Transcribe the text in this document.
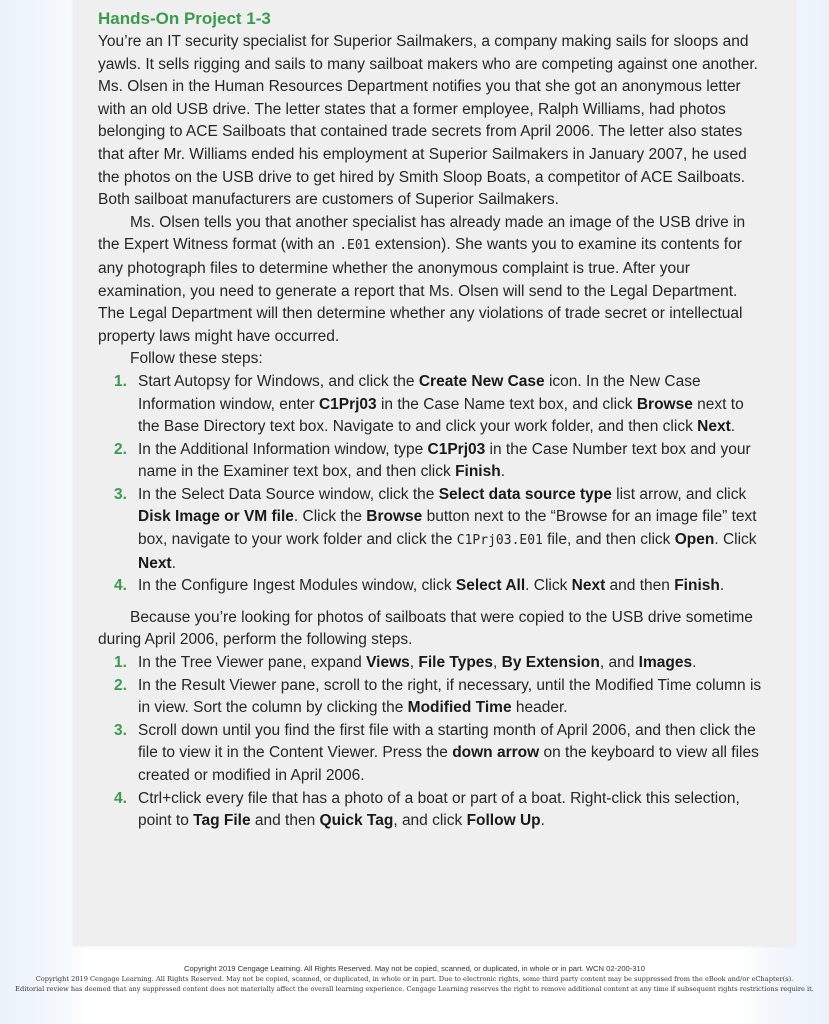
Hands-On Project 1-3

You’re an IT security specialist for Superior Sailmakers, a company making sails for sloops and yawls. It sells rigging and sails to many sailboat makers who are competing against one another. Ms. Olsen in the Human Resources Department notifies you that she got an anonymous letter with an old USB drive. The letter states that a former employee, Ralph Williams, had photos belonging to ACE Sailboats that contained trade secrets from April 2006. The letter also states that after Mr. Williams ended his employment at Superior Sailmakers in January 2007, he used the photos on the USB drive to get hired by Smith Sloop Boats, a competitor of ACE Sailboats. Both sailboat manufacturers are customers of Superior Sailmakers.

Ms. Olsen tells you that another specialist has already made an image of the USB drive in the Expert Witness format (with an .E01 extension). She wants you to examine its contents for any photograph files to determine whether the anonymous complaint is true. After your examination, you need to generate a report that Ms. Olsen will send to the Legal Department. The Legal Department will then determine whether any violations of trade secret or intellectual property laws might have occurred.

Follow these steps:

1. Start Autopsy for Windows, and click the Create New Case icon. In the New Case Information window, enter C1Prj03 in the Case Name text box, and click Browse next to the Base Directory text box. Navigate to and click your work folder, and then click Next.
2. In the Additional Information window, type C1Prj03 in the Case Number text box and your name in the Examiner text box, and then click Finish.
3. In the Select Data Source window, click the Select data source type list arrow, and click Disk Image or VM file. Click the Browse button next to the “Browse for an image file” text box, navigate to your work folder and click the C1Prj03.E01 file, and then click Open. Click Next.
4. In the Configure Ingest Modules window, click Select All. Click Next and then Finish.

Because you’re looking for photos of sailboats that were copied to the USB drive sometime during April 2006, perform the following steps.

1. In the Tree Viewer pane, expand Views, File Types, By Extension, and Images.
2. In the Result Viewer pane, scroll to the right, if necessary, until the Modified Time column is in view. Sort the column by clicking the Modified Time header.
3. Scroll down until you find the first file with a starting month of April 2006, and then click the file to view it in the Content Viewer. Press the down arrow on the keyboard to view all files created or modified in April 2006.
4. Ctrl+click every file that has a photo of a boat or part of a boat. Right-click this selection, point to Tag File and then Quick Tag, and click Follow Up.
Copyright 2019 Cengage Learning. All Rights Reserved. May not be copied, scanned, or duplicated, in whole or in part. WCN 02-200-310
Copyright 2019 Cengage Learning. All Rights Reserved. May not be copied, scanned, or duplicated, in whole or in part. Due to electronic rights, some third party content may be suppressed from the eBook and/or eChapter(s).
Editorial review has deemed that any suppressed content does not materially affect the overall learning experience. Cengage Learning reserves the right to remove additional content at any time if subsequent rights restrictions require it.
